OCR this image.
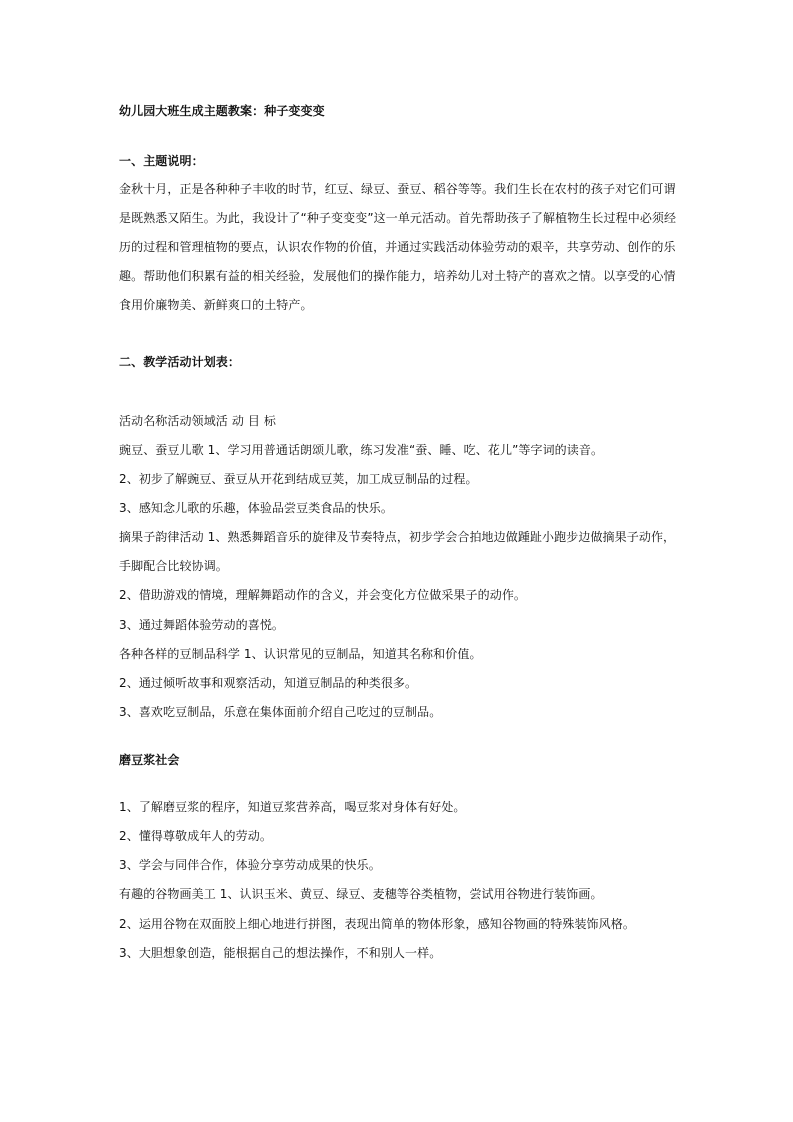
幼儿园大班生成主题教案：种子变变变
一、主题说明：
金秋十月，正是各种种子丰收的时节，红豆、绿豆、蚕豆、稻谷等等。我们生长在农村的孩子对它们可谓
是既熟悉又陌生。为此，我设计了“种子变变变”这一单元活动。首先帮助孩子了解植物生长过程中必须经
历的过程和管理植物的要点，认识农作物的价值，并通过实践活动体验劳动的艰辛，共享劳动、创作的乐
趣。帮助他们积累有益的相关经验，发展他们的操作能力，培养幼儿对土特产的喜欢之情。以享受的心情
食用价廉物美、新鲜爽口的土特产。
二、教学活动计划表：
活动名称活动领域活 动 目 标
豌豆、蚕豆儿歌 1、学习用普通话朗颂儿歌，练习发准“蚕、睡、吃、花儿”等字词的读音。
2、初步了解豌豆、蚕豆从开花到结成豆荚，加工成豆制品的过程。
3、感知念儿歌的乐趣，体验品尝豆类食品的快乐。
摘果子韵律活动 1、熟悉舞蹈音乐的旋律及节奏特点，初步学会合拍地边做踵趾小跑步边做摘果子动作，
手脚配合比较协调。
2、借助游戏的情境，理解舞蹈动作的含义，并会变化方位做采果子的动作。
3、通过舞蹈体验劳动的喜悦。
各种各样的豆制品科学 1、认识常见的豆制品，知道其名称和价值。
2、通过倾听故事和观察活动，知道豆制品的种类很多。
3、喜欢吃豆制品，乐意在集体面前介绍自己吃过的豆制品。
磨豆浆社会
1、了解磨豆浆的程序，知道豆浆营养高，喝豆浆对身体有好处。
2、懂得尊敬成年人的劳动。
3、学会与同伴合作，体验分享劳动成果的快乐。
有趣的谷物画美工 1、认识玉米、黄豆、绿豆、麦穗等谷类植物，尝试用谷物进行装饰画。
2、运用谷物在双面胶上细心地进行拼图，表现出简单的物体形象，感知谷物画的特殊装饰风格。
3、大胆想象创造，能根据自己的想法操作，不和别人一样。
